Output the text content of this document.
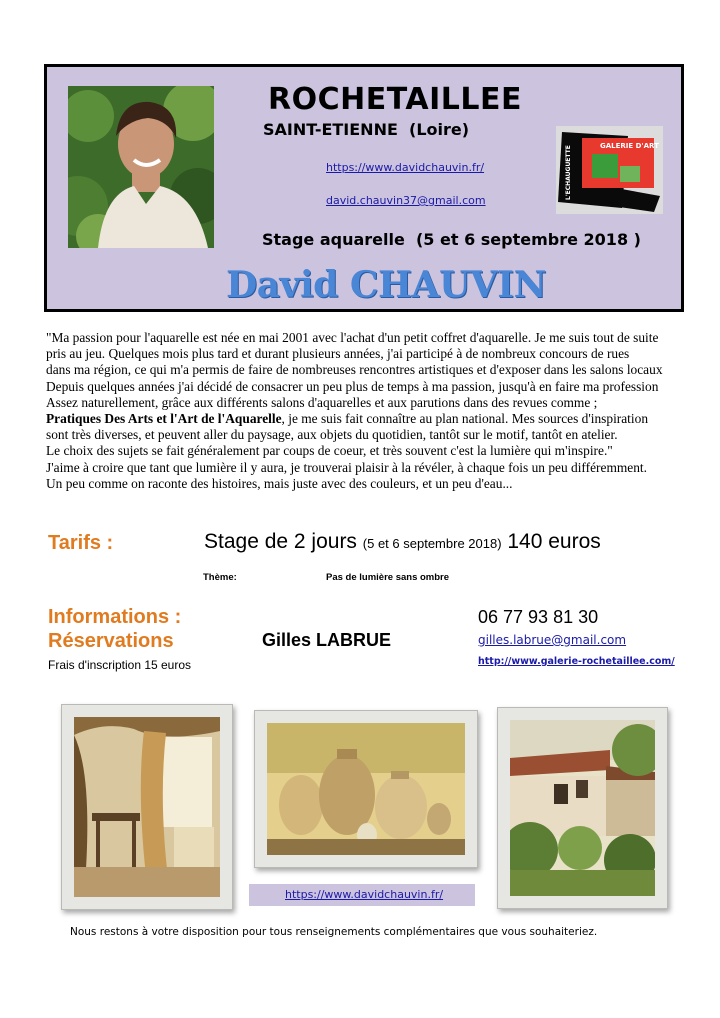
ROCHETAILLEE
SAINT-ETIENNE  (Loire)
https://www.davidchauvin.fr/
david.chauvin37@gmail.com
Stage aquarelle  (5 et 6 septembre 2018 )
David CHAUVIN
GALERIE D'ART
L'ECHAUGUETTE

"Ma passion pour l'aquarelle est née en mai 2001 avec l'achat d'un petit coffret d'aquarelle. Je me suis tout de suite

pris au jeu. Quelques mois plus tard et durant plusieurs années, j'ai participé à de nombreux concours de rues

dans ma région, ce qui m'a permis de faire de nombreuses rencontres artistiques et d'exposer dans les salons locaux

Depuis quelques années j'ai décidé de consacrer un peu plus de temps à ma passion, jusqu'à en faire ma profession

Assez naturellement, grâce aux différents salons d'aquarelles et aux parutions dans des revues comme ;

Pratiques Des Arts et l'Art de l'Aquarelle, je me suis fait connaître au plan national. Mes sources d'inspiration

sont très diverses, et peuvent aller du paysage, aux objets du quotidien, tantôt sur le motif, tantôt en atelier.

Le choix des sujets se fait généralement par coups de coeur, et très souvent c'est la lumière qui m'inspire."

J'aime à croire que tant que lumière il y aura, je trouverai plaisir à la révéler, à chaque fois un peu différemment.

Un peu comme on raconte des histoires, mais juste avec des couleurs, et un peu d'eau...

Tarifs :	Stage de 2 jours (5 et 6 septembre 2018) 140 euros
Thème:	Pas de lumière sans ombre
Informations :
Réservations
Frais d'inscription 15 euros
Gilles LABRUE
06 77 93 81 30
gilles.labrue@gmail.com
http://www.galerie-rochetaillee.com/
https://www.davidchauvin.fr/
Nous restons à votre disposition pour tous renseignements complémentaires que vous souhaiteriez.
